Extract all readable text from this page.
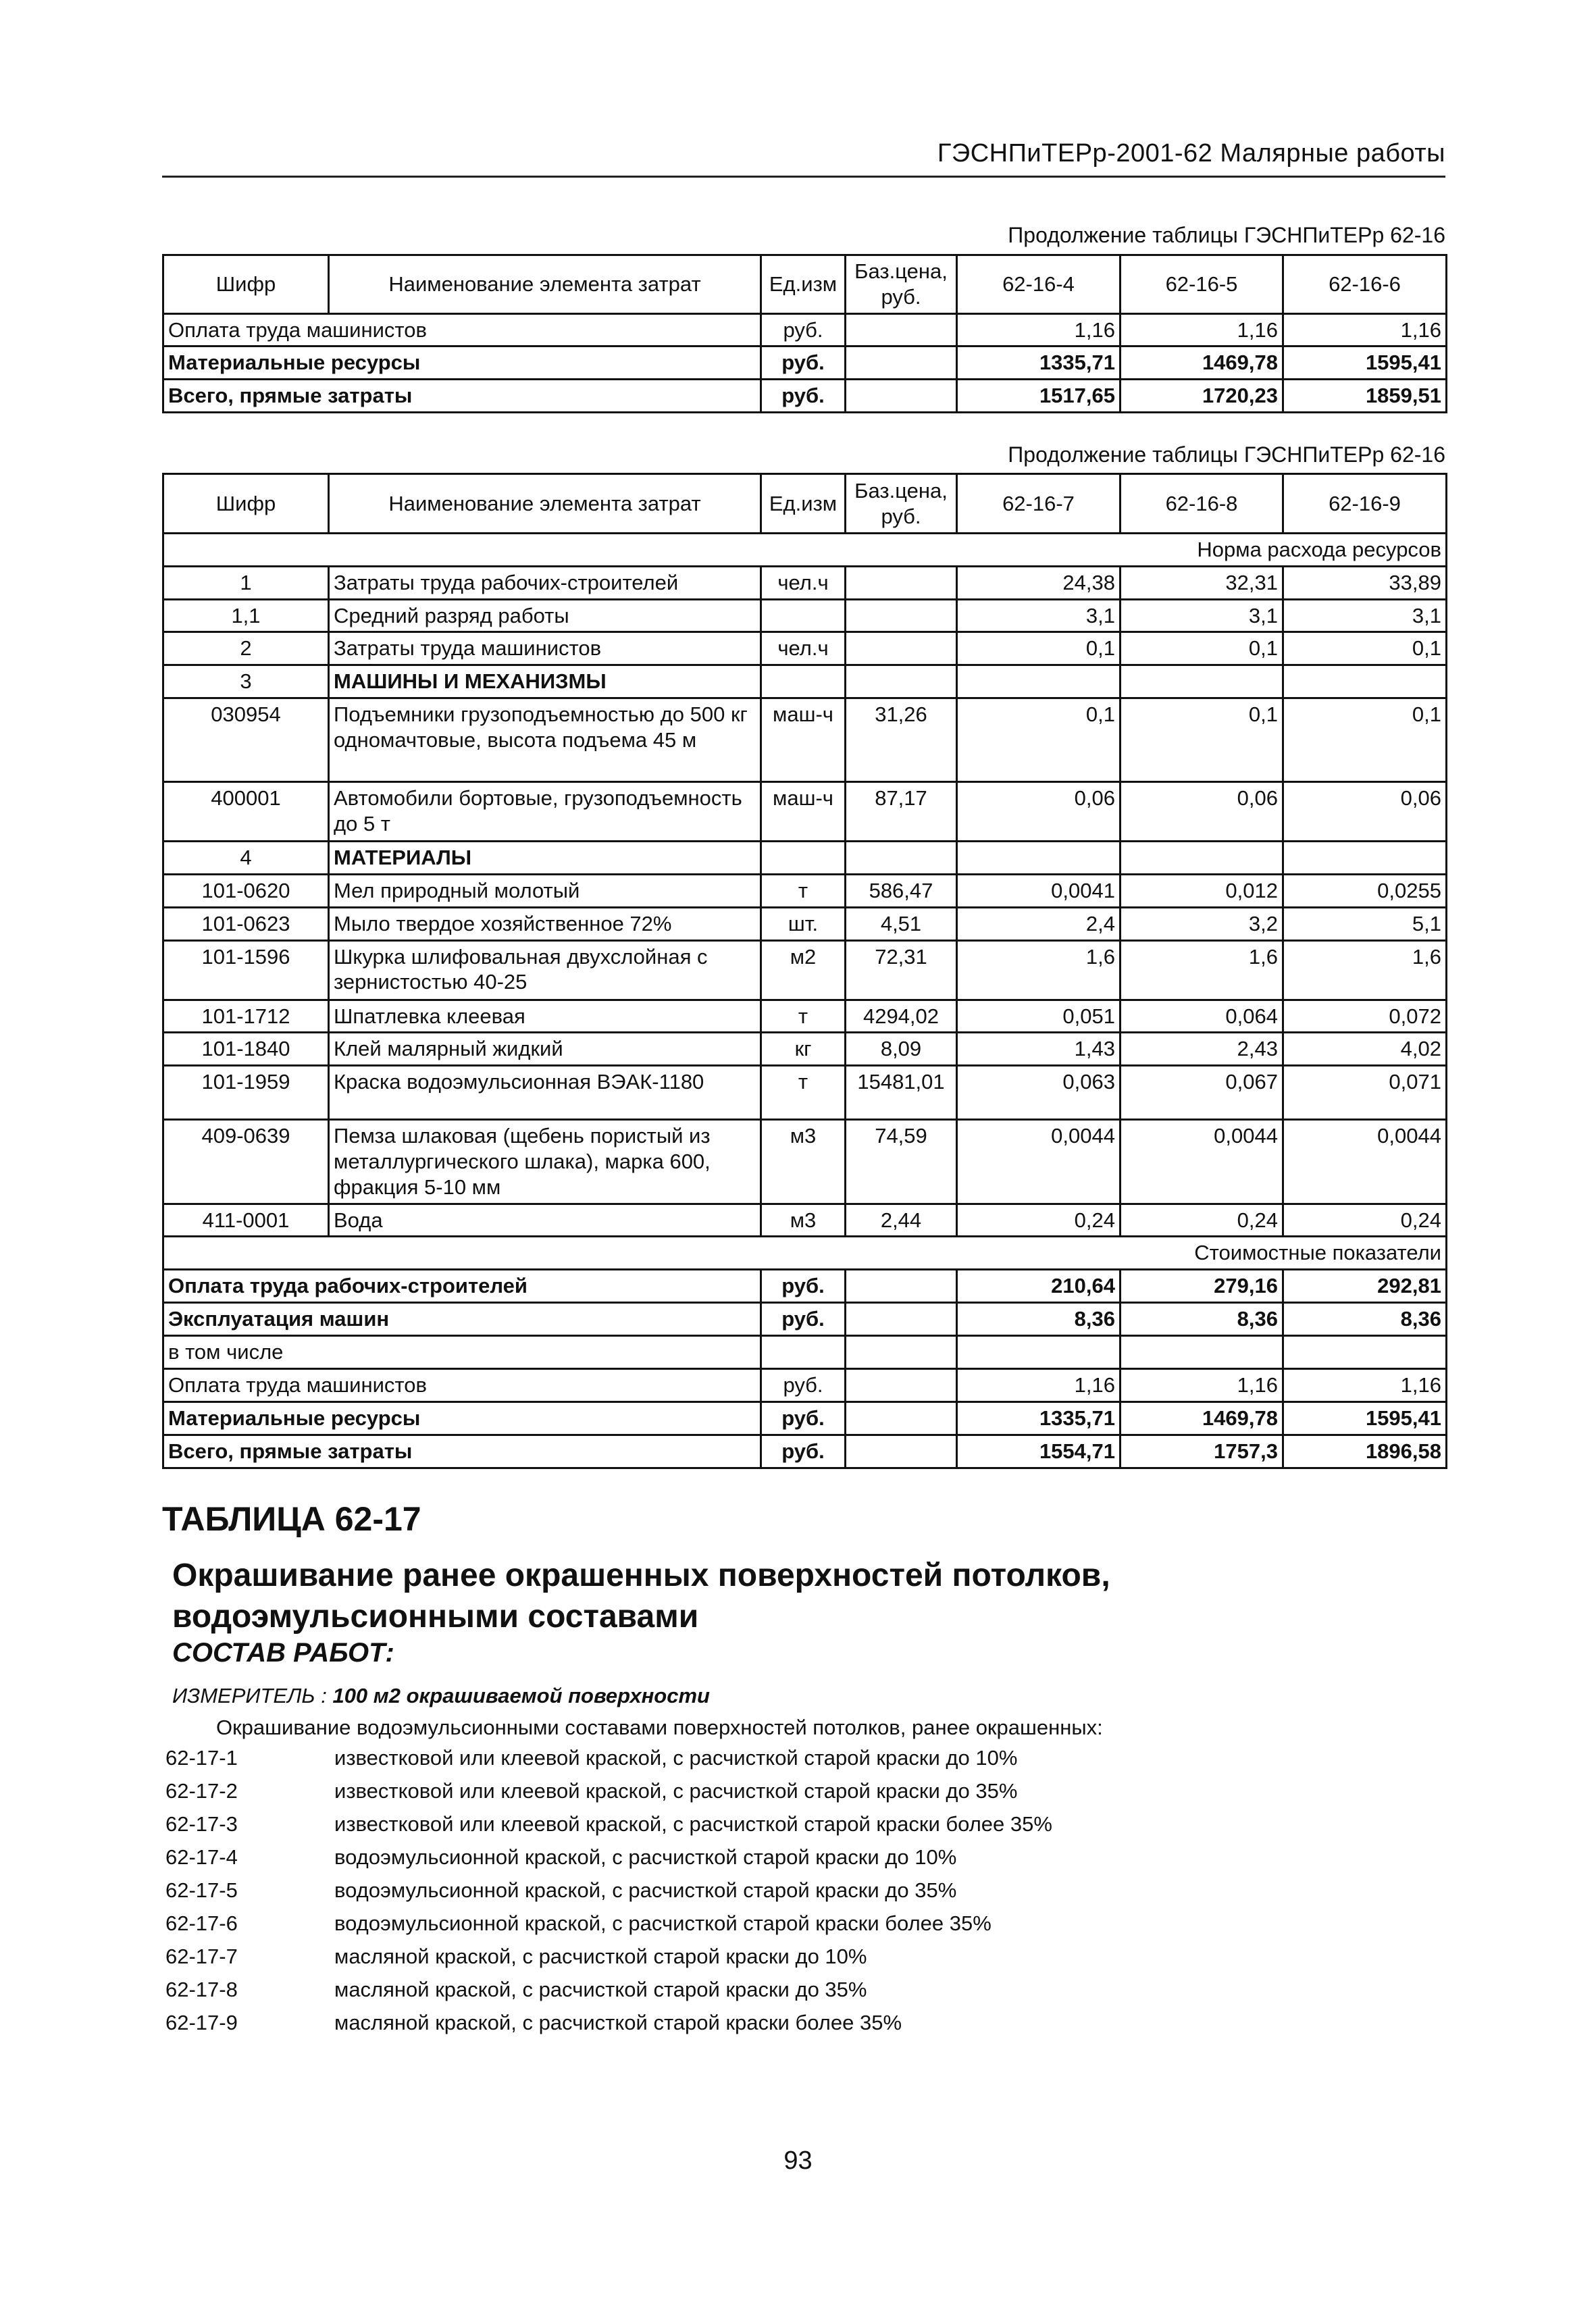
ГЭСНПиТЕРр-2001-62 Малярные работы
Продолжение таблицы ГЭСНПиТЕРр 62-16
Шифр	Наименование элемента затрат	Ед.изм	Баз.цена, руб.	62-16-4	62-16-5	62-16-6
Оплата труда машинистов		руб.		1,16	1,16	1,16
Материальные ресурсы		руб.		1335,71	1469,78	1595,41
Всего, прямые затраты		руб.		1517,65	1720,23	1859,51
Продолжение таблицы ГЭСНПиТЕРр 62-16
Шифр	Наименование элемента затрат	Ед.изм	Баз.цена, руб.	62-16-7	62-16-8	62-16-9
Норма расхода ресурсов						
1	Затраты труда рабочих-строителей	чел.ч		24,38	32,31	33,89
1,1	Средний разряд работы			3,1	3,1	3,1
2	Затраты труда машинистов	чел.ч		0,1	0,1	0,1
3	МАШИНЫ И МЕХАНИЗМЫ					
030954	Подъемники грузоподъемностью до 500 кг одномачтовые, высота подъема 45 м	маш-ч	31,26	0,1	0,1	0,1
400001	Автомобили бортовые, грузоподъемность до 5 т	маш-ч	87,17	0,06	0,06	0,06
4	МАТЕРИАЛЫ					
101-0620	Мел природный молотый	т	586,47	0,0041	0,012	0,0255
101-0623	Мыло твердое хозяйственное 72%	шт.	4,51	2,4	3,2	5,1
101-1596	Шкурка шлифовальная двухслойная с зернистостью 40-25	м2	72,31	1,6	1,6	1,6
101-1712	Шпатлевка клеевая	т	4294,02	0,051	0,064	0,072
101-1840	Клей малярный жидкий	кг	8,09	1,43	2,43	4,02
101-1959	Краска водоэмульсионная ВЭАК-1180	т	15481,01	0,063	0,067	0,071
409-0639	Пемза шлаковая (щебень пористый из металлургического шлака), марка 600, фракция 5-10 мм	м3	74,59	0,0044	0,0044	0,0044
411-0001	Вода	м3	2,44	0,24	0,24	0,24
Стоимостные показатели						
Оплата труда рабочих-строителей		руб.		210,64	279,16	292,81
Эксплуатация машин		руб.		8,36	8,36	8,36
в том числе						
Оплата труда машинистов		руб.		1,16	1,16	1,16
Материальные ресурсы		руб.		1335,71	1469,78	1595,41
Всего, прямые затраты		руб.		1554,71	1757,3	1896,58
ТАБЛИЦА 62-17
Окрашивание ранее окрашенных поверхностей потолков, водоэмульсионными составами
СОСТАВ РАБОТ:
ИЗМЕРИТЕЛЬ : 100 м2 окрашиваемой поверхности
Окрашивание водоэмульсионными составами поверхностей потолков, ранее окрашенных:
62-17-1	известковой или клеевой краской, с расчисткой старой краски до 10%
62-17-2	известковой или клеевой краской, с расчисткой старой краски до 35%
62-17-3	известковой или клеевой краской, с расчисткой старой краски более 35%
62-17-4	водоэмульсионной краской, с расчисткой старой краски до 10%
62-17-5	водоэмульсионной краской, с расчисткой старой краски до 35%
62-17-6	водоэмульсионной краской, с расчисткой старой краски более 35%
62-17-7	масляной краской, с расчисткой старой краски до 10%
62-17-8	масляной краской, с расчисткой старой краски до 35%
62-17-9	масляной краской, с расчисткой старой краски более 35%
93
